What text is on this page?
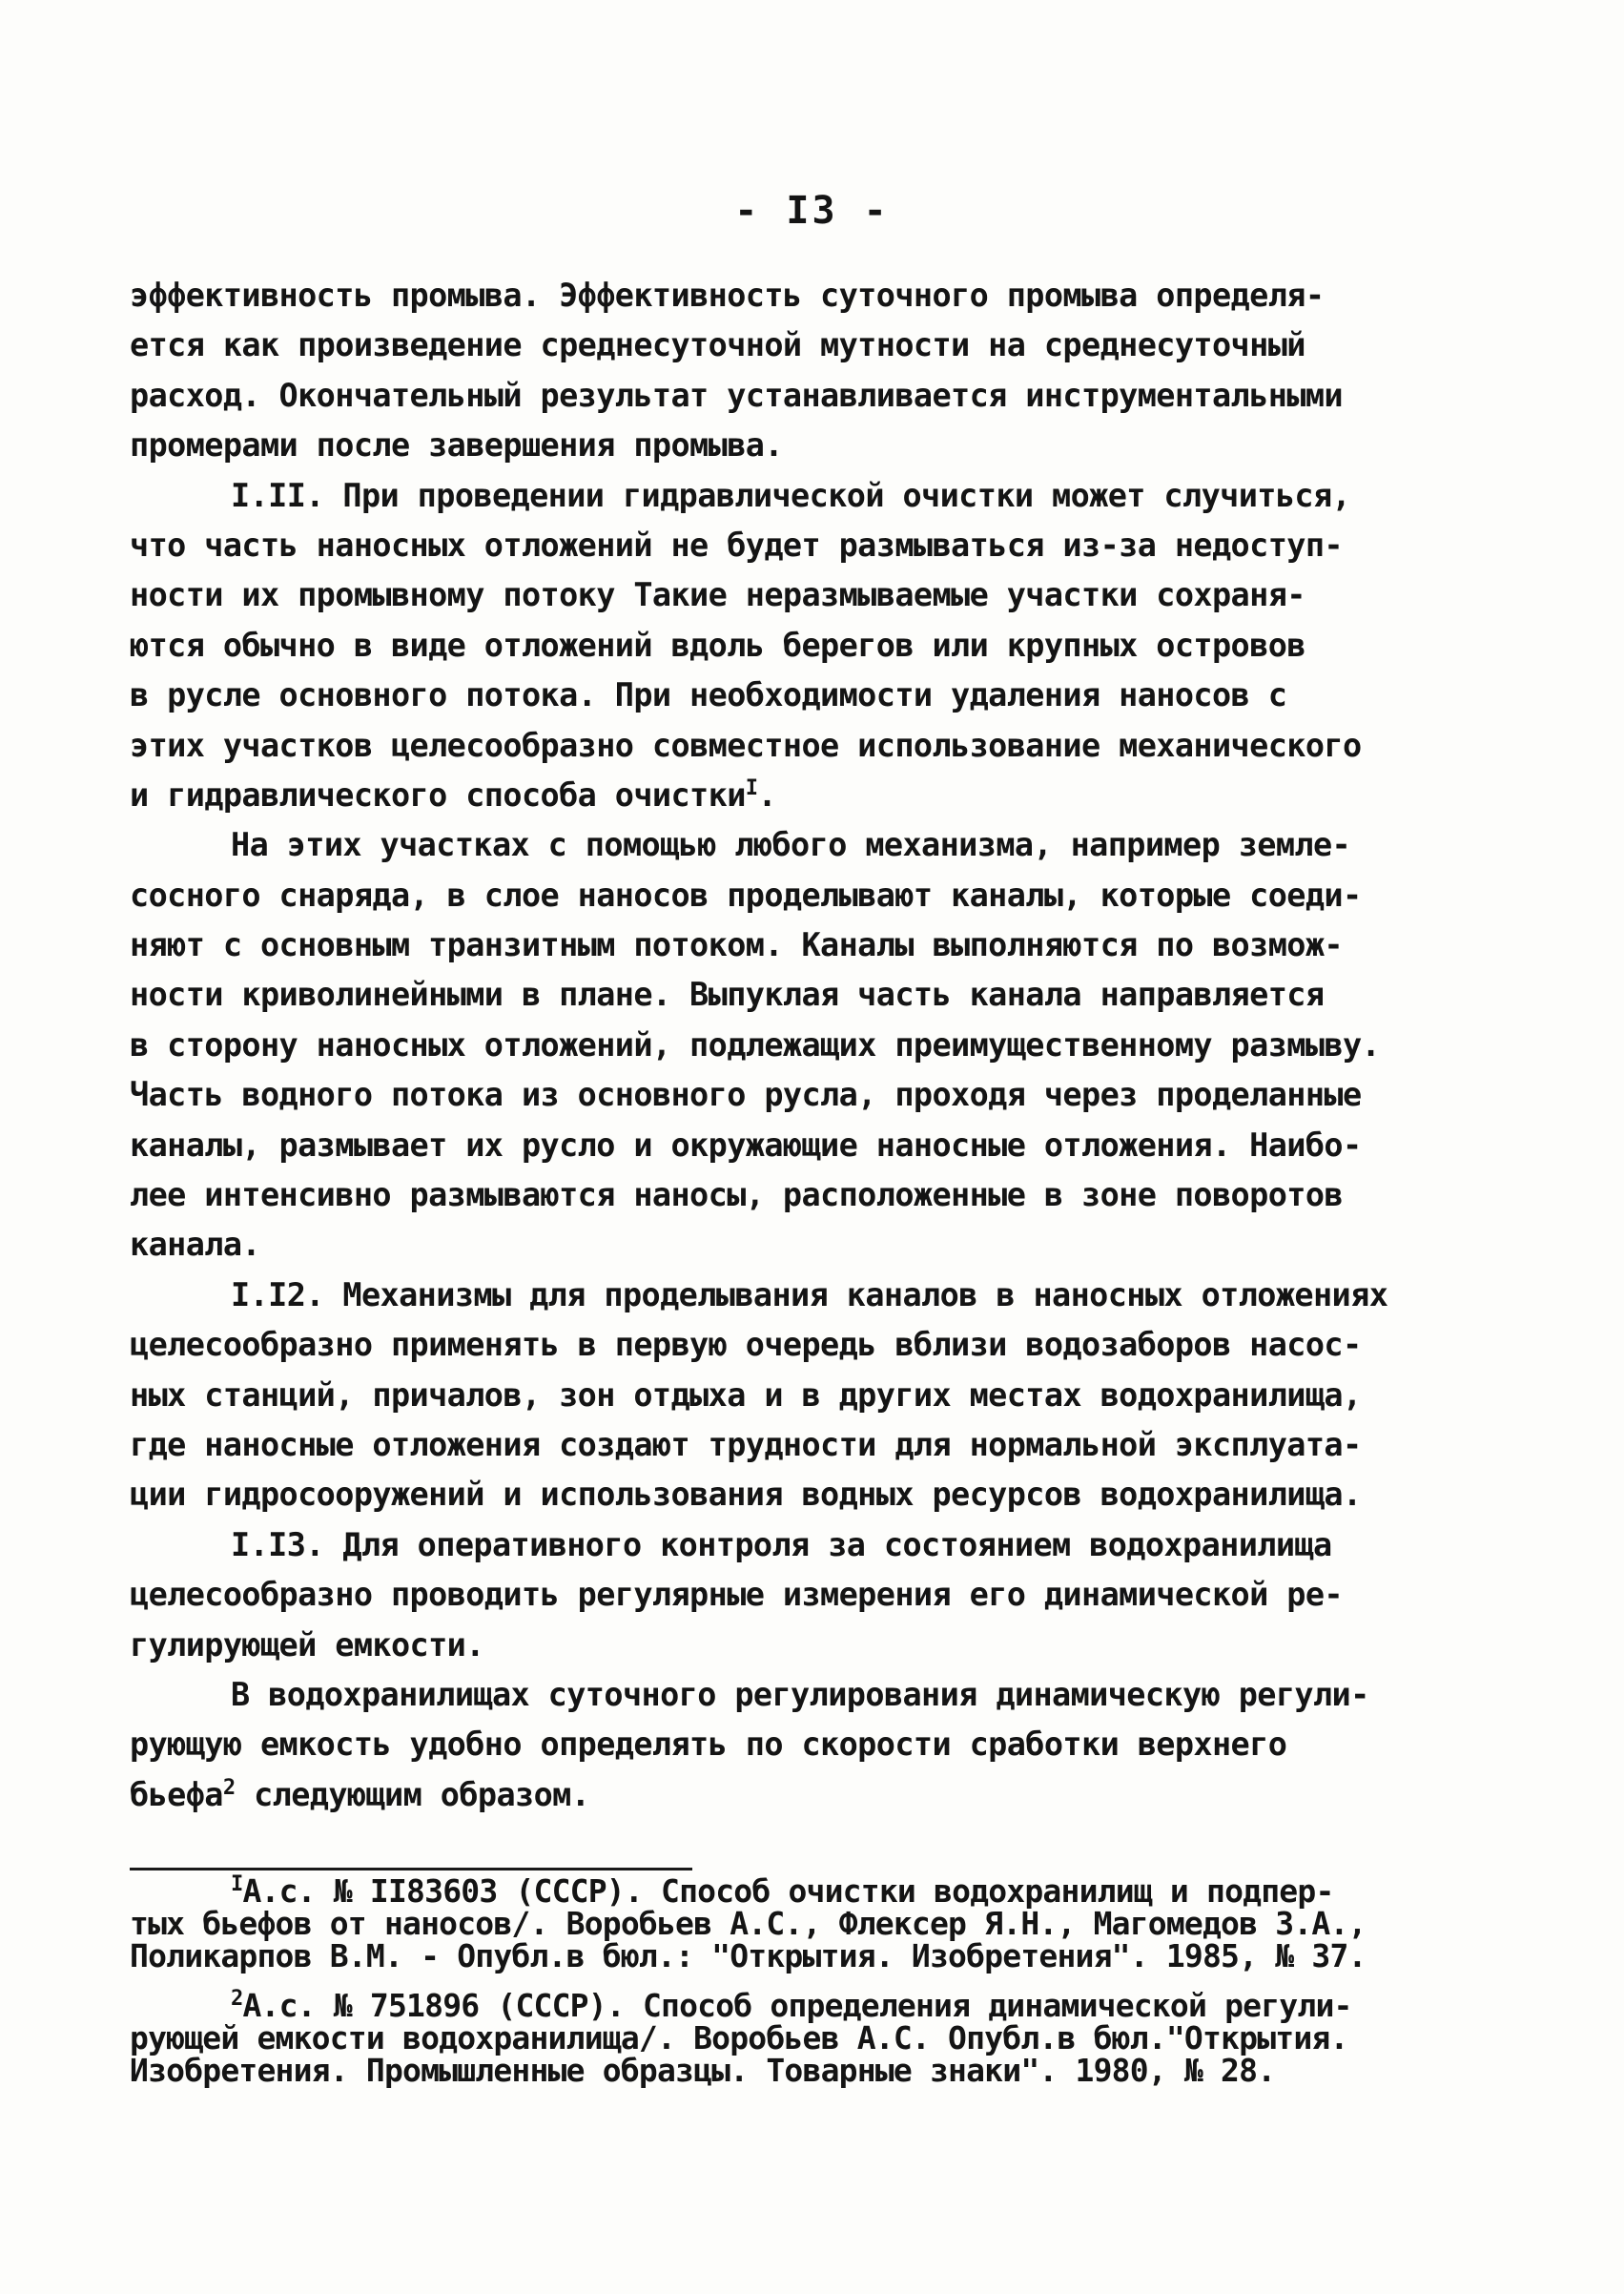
- I3 -
эффективность промыва. Эффективность суточного промыва определя-
ется как произведение среднесуточной мутности на среднесуточный
расход. Окончательный результат устанавливается инструментальными
промерами после завершения промыва.
I.II. При проведении гидравлической очистки может случиться,
что часть наносных отложений не будет размываться из-за недоступ-
ности их промывному потоку Такие неразмываемые участки сохраня-
ются обычно в виде отложений вдоль берегов или крупных островов
в русле основного потока. При необходимости удаления наносов с
этих участков целесообразно совместное использование механического
и гидравлического способа очистки$^I$.
На этих участках с помощью любого механизма, например земле-
сосного снаряда, в слое наносов проделывают каналы, которые соеди-
няют с основным транзитным потоком. Каналы выполняются по возмож-
ности криволинейными в плане. Выпуклая часть канала направляется
в сторону наносных отложений, подлежащих преимущественному размыву.
Часть водного потока из основного русла, проходя через проделанные
каналы, размывает их русло и окружающие наносные отложения. Наибо-
лее интенсивно размываются наносы, расположенные в зоне поворотов
канала.
I.I2. Механизмы для проделывания каналов в наносных отложениях
целесообразно применять в первую очередь вблизи водозаборов насос-
ных станций, причалов, зон отдыха и в других местах водохранилища,
где наносные отложения создают трудности для нормальной эксплуата-
ции гидросооружений и использования водных ресурсов водохранилища.
I.I3. Для оперативного контроля за состоянием водохранилища
целесообразно проводить регулярные измерения его динамической ре-
гулирующей емкости.
В водохранилищах суточного регулирования динамическую регули-
рующую емкость удобно определять по скорости сработки верхнего
бьефа$^2$ следующим образом.
$^I$А.с. № II83603 (СССР). Способ очистки водохранилищ и подпер-
тых бьефов от наносов/. Воробьев А.С., Флексер Я.Н., Магомедов З.А.,
Поликарпов В.М. - Опубл.в бюл.: "Открытия. Изобретения". 1985, № 37.
$^2$А.с. № 751896 (СССР). Способ определения динамической регули-
рующей емкости водохранилища/. Воробьев А.С. Опубл.в бюл."Открытия.
Изобретения. Промышленные образцы. Товарные знаки". 1980, № 28.
